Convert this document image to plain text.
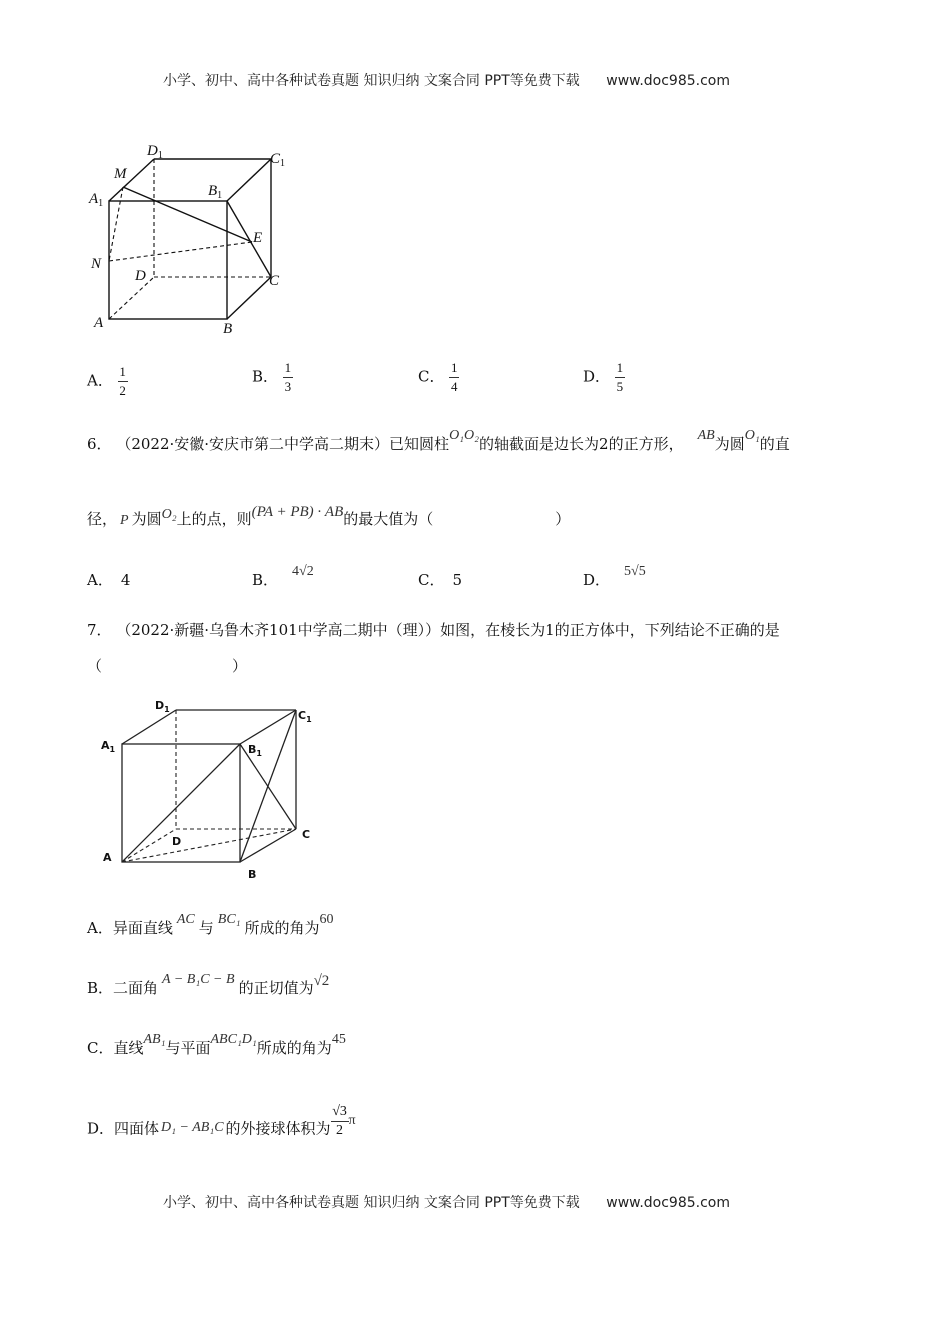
小学、初中、高中各种试卷真题 知识归纳 文案合同 PPT等免费下载 www.doc985.com
$D_1$	$C_1$
M
$A_1$
$B_1$
E
N
D	C
A	B
A． $\frac{1}{2}$	B． $\frac{1}{3}$	C． $\frac{1}{4}$	D． $\frac{1}{5}$
6． （2022·安徽·安庆市第二中学高二期末）已知圆柱O₁O₂的轴截面是边长为2的正方形， AB为圆O₁的直
径， P 为圆O₂上的点，则(PA + PB) · AB的最大值为（	）
A． 4	B． 4√2	C． 5	D． 5√5
7． （2022·新疆·乌鲁木齐101中学高二期中（理））如图，在棱长为1的正方体中，下列结论不正确的是
（	）
$D_1$	$C_1$
$A_1$	$B_1$
D
C
A
B
A．异面直线 AC 与 BC₁ 所成的角为60
B．二面角 A − B₁C − B 的正切值为√2
C．直线AB₁与平面ABC₁D₁所成的角为45
D．四面体 D₁ − AB₁C 的外接球体积为 $\frac{√3}{2}$ π
小学、初中、高中各种试卷真题 知识归纳 文案合同 PPT等免费下载 www.doc985.com
